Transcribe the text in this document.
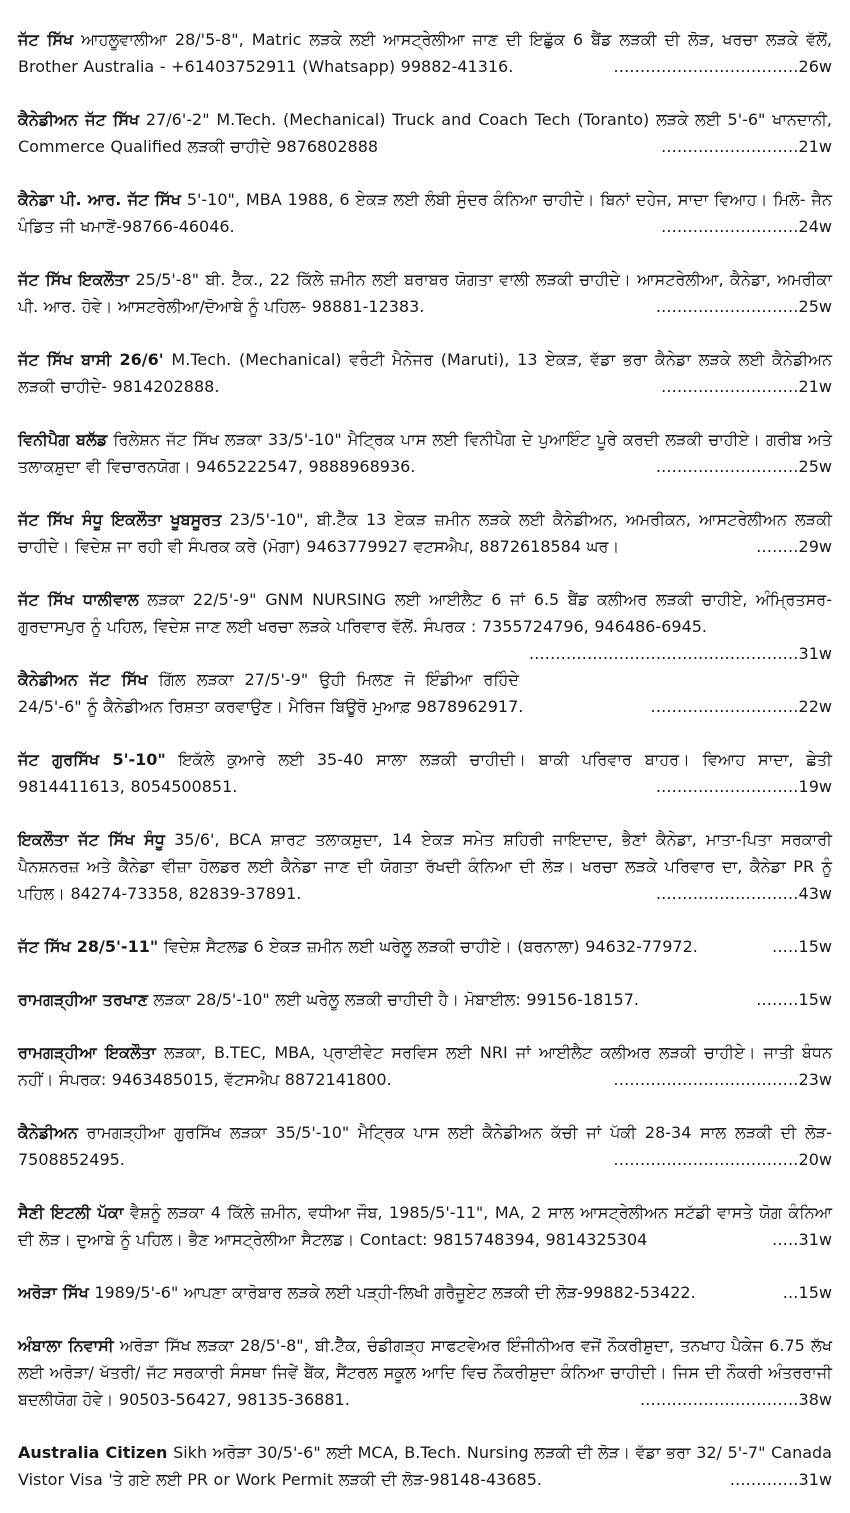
ਜੱਟ ਸਿੱਖ ਆਹਲੂਵਾਲੀਆ 28/'5-8", Matric ਲੜਕੇ ਲਈ ਆਸਟ੍ਰੇਲੀਆ ਜਾਣ ਦੀ ਇਛੁੱਕ 6 ਬੈਂਡ ਲੜਕੀ ਦੀ ਲੋੜ, ਖਰਚਾ ਲੜਕੇ ਵੱਲੋਂ, Brother Australia - +61403752911 (Whatsapp) 99882-41316.	...................................26w

ਕੈਨੇਡੀਅਨ ਜੱਟ ਸਿੱਖ 27/6'-2" M.Tech. (Mechanical) Truck and Coach Tech (Toranto) ਲੜਕੇ ਲਈ 5'-6" ਖਾਨਦਾਨੀ, Commerce Qualified ਲੜਕੀ ਚਾਹੀਦੇ 9876802888	..........................21w

ਕੈਨੇਡਾ ਪੀ. ਆਰ. ਜੱਟ ਸਿੱਖ 5'-10", MBA 1988, 6 ਏਕੜ ਲਈ ਲੰਬੀ ਸੁੰਦਰ ਕੰਨਿਆ ਚਾਹੀਦੇ। ਬਿਨਾਂ ਦਹੇਜ, ਸਾਦਾ ਵਿਆਹ। ਮਿਲੋ- ਜੈਨ ਪੰਡਿਤ ਜੀ ਖਮਾਣੋਂ-98766-46046.	..........................24w

ਜੱਟ ਸਿੱਖ ਇਕਲੌਤਾ 25/5'-8" ਬੀ. ਟੈੱਕ., 22 ਕਿੱਲੇ ਜ਼ਮੀਨ ਲਈ ਬਰਾਬਰ ਯੋਗਤਾ ਵਾਲੀ ਲੜਕੀ ਚਾਹੀਦੇ। ਆਸਟਰੇਲੀਆ, ਕੈਨੇਡਾ, ਅਮਰੀਕਾ ਪੀ. ਆਰ. ਹੋਵੇ। ਆਸਟਰੇਲੀਆ/ਦੋਆਬੇ ਨੂੰ ਪਹਿਲ- 98881-12383.	...........................25w

ਜੱਟ ਸਿੱਖ ਬਾਸੀ 26/6' M.Tech. (Mechanical) ਵਰੰਟੀ ਮੈਨੇਜਰ (Maruti), 13 ਏਕੜ, ਵੱਡਾ ਭਰਾ ਕੈਨੇਡਾ ਲੜਕੇ ਲਈ ਕੈਨੇਡੀਅਨ ਲੜਕੀ ਚਾਹੀਦੇ- 9814202888.	..........................21w

ਵਿਨੀਪੈਗ ਬਲੱਡ ਰਿਲੇਸ਼ਨ ਜੱਟ ਸਿੱਖ ਲੜਕਾ 33/5'-10" ਮੈਟ੍ਰਿਕ ਪਾਸ ਲਈ ਵਿਨੀਪੈਗ ਦੇ ਪੁਆਇੰਟ ਪੂਰੇ ਕਰਦੀ ਲੜਕੀ ਚਾਹੀਏ। ਗਰੀਬ ਅਤੇ ਤਲਾਕਸ਼ੁਦਾ ਵੀ ਵਿਚਾਰਨਯੋਗ। 9465222547, 9888968936.	...........................25w

ਜੱਟ ਸਿੱਖ ਸੰਧੂ ਇਕਲੌਤਾ ਖੂਬਸੂਰਤ 23/5'-10", ਬੀ.ਟੈੱਕ 13 ਏਕੜ ਜ਼ਮੀਨ ਲੜਕੇ ਲਈ ਕੈਨੇਡੀਅਨ, ਅਮਰੀਕਨ, ਆਸਟਰੇਲੀਅਨ ਲੜਕੀ ਚਾਹੀਦੇ। ਵਿਦੇਸ਼ ਜਾ ਰਹੀ ਵੀ ਸੰਪਰਕ ਕਰੇ (ਮੋਗਾ) 9463779927 ਵਟਸਐਪ, 8872618584 ਘਰ।	........29w

ਜੱਟ ਸਿੱਖ ਧਾਲੀਵਾਲ ਲੜਕਾ 22/5'-9" GNM NURSING ਲਈ ਆਈਲੈਟ 6 ਜਾਂ 6.5 ਬੈਂਡ ਕਲੀਅਰ ਲੜਕੀ ਚਾਹੀਏ, ਅੰਮ੍ਰਿਤਸਰ-ਗੁਰਦਾਸਪੁਰ ਨੂੰ ਪਹਿਲ, ਵਿਦੇਸ਼ ਜਾਣ ਲਈ ਖਰਚਾ ਲੜਕੇ ਪਰਿਵਾਰ ਵੱਲੋਂ. ਸੰਪਰਕ : 7355724796, 946486-6945.
...................................................31w

ਕੈਨੇਡੀਅਨ ਜੱਟ ਸਿੱਖ ਗਿੱਲ ਲੜਕਾ 27/5'-9" ਉਹੀ ਮਿਲਣ ਜੋ ਇੰਡੀਆ ਰਹਿੰਦੇ 24/5'-6" ਨੂੰ ਕੈਨੇਡੀਅਨ ਰਿਸ਼ਤਾ ਕਰਵਾਉਣ। ਮੈਰਿਜ ਬਿਊਰੋ ਮੁਆਫ਼ 9878962917.	............................22w

ਜੱਟ ਗੁਰਸਿੱਖ 5'-10" ਇਕੱਲੇ ਕੁਆਰੇ ਲਈ 35-40 ਸਾਲਾ ਲੜਕੀ ਚਾਹੀਦੀ। ਬਾਕੀ ਪਰਿਵਾਰ ਬਾਹਰ। ਵਿਆਹ ਸਾਦਾ, ਛੇਤੀ 9814411613, 8054500851.	...........................19w

ਇਕਲੌਤਾ ਜੱਟ ਸਿੱਖ ਸੰਧੂ 35/6', BCA ਸ਼ਾਰਟ ਤਲਾਕਸ਼ੁਦਾ, 14 ਏਕੜ ਸਮੇਤ ਸ਼ਹਿਰੀ ਜਾਇਦਾਦ, ਭੈਣਾਂ ਕੈਨੇਡਾ, ਮਾਤਾ-ਪਿਤਾ ਸਰਕਾਰੀ ਪੈਨਸ਼ਨਰਜ਼ ਅਤੇ ਕੈਨੇਡਾ ਵੀਜ਼ਾ ਹੋਲਡਰ ਲਈ ਕੈਨੇਡਾ ਜਾਣ ਦੀ ਯੋਗਤਾ ਰੱਖਦੀ ਕੰਨਿਆ ਦੀ ਲੋੜ। ਖਰਚਾ ਲੜਕੇ ਪਰਿਵਾਰ ਦਾ, ਕੈਨੇਡਾ PR ਨੂੰ ਪਹਿਲ। 84274-73358, 82839-37891.	...........................43w

ਜੱਟ ਸਿੱਖ 28/5'-11" ਵਿਦੇਸ਼ ਸੈਟਲਡ 6 ਏਕੜ ਜ਼ਮੀਨ ਲਈ ਘਰੇਲੂ ਲੜਕੀ ਚਾਹੀਏ। (ਬਰਨਾਲਾ) 94632-77972.	.....15w

ਰਾਮਗੜ੍ਹੀਆ ਤਰਖਾਣ ਲੜਕਾ 28/5'-10" ਲਈ ਘਰੇਲੂ ਲੜਕੀ ਚਾਹੀਦੀ ਹੈ। ਮੋਬਾਈਲ: 99156-18157.	........15w

ਰਾਮਗੜ੍ਹੀਆ ਇਕਲੌਤਾ ਲੜਕਾ, B.TEC, MBA, ਪ੍ਰਾਈਵੇਟ ਸਰਵਿਸ ਲਈ NRI ਜਾਂ ਆਈਲੈਟ ਕਲੀਅਰ ਲੜਕੀ ਚਾਹੀਏ। ਜਾਤੀ ਬੰਧਨ ਨਹੀਂ। ਸੰਪਰਕ: 9463485015, ਵੱਟਸਐਪ 8872141800.	...................................23w

ਕੈਨੇਡੀਅਨ ਰਾਮਗੜ੍ਹੀਆ ਗੁਰਸਿੱਖ ਲੜਕਾ 35/5'-10" ਮੈਟ੍ਰਿਕ ਪਾਸ ਲਈ ਕੈਨੇਡੀਅਨ ਕੱਚੀ ਜਾਂ ਪੱਕੀ 28-34 ਸਾਲ ਲੜਕੀ ਦੀ ਲੋੜ- 7508852495.	...................................20w

ਸੈਣੀ ਇਟਲੀ ਪੱਕਾ ਵੈਸ਼ਨੂੰ ਲੜਕਾ 4 ਕਿੱਲੇ ਜ਼ਮੀਨ, ਵਧੀਆ ਜੌਬ, 1985/5'-11", MA, 2 ਸਾਲ ਆਸਟ੍ਰੇਲੀਅਨ ਸਟੱਡੀ ਵਾਸਤੇ ਯੋਗ ਕੰਨਿਆ ਦੀ ਲੋੜ। ਦੁਆਬੇ ਨੂੰ ਪਹਿਲ। ਭੈਣ ਆਸਟ੍ਰੇਲੀਆ ਸੈਟਲਡ। Contact: 9815748394, 9814325304	.....31w

ਅਰੋੜਾ ਸਿੱਖ 1989/5'-6" ਆਪਣਾ ਕਾਰੋਬਾਰ ਲੜਕੇ ਲਈ ਪੜ੍ਹੀ-ਲਿਖੀ ਗਰੈਜੂਏਟ ਲੜਕੀ ਦੀ ਲੋੜ-99882-53422.	...15w

ਅੰਬਾਲਾ ਨਿਵਾਸੀ ਅਰੋੜਾ ਸਿੱਖ ਲੜਕਾ 28/5'-8", ਬੀ.ਟੈੱਕ, ਚੰਡੀਗੜ੍ਹ ਸਾਫਟਵੇਅਰ ਇੰਜੀਨੀਅਰ ਵਜੋਂ ਨੌਕਰੀਸ਼ੁਦਾ, ਤਨਖਾਹ ਪੈਕੇਜ 6.75 ਲੱਖ ਲਈ ਅਰੋੜਾ/ ਖੱਤਰੀ/ ਜੱਟ ਸਰਕਾਰੀ ਸੰਸਥਾ ਜਿਵੇਂ ਬੈਂਕ, ਸੈਂਟਰਲ ਸਕੂਲ ਆਦਿ ਵਿਚ ਨੌਕਰੀਸ਼ੁਦਾ ਕੰਨਿਆ ਚਾਹੀਦੀ। ਜਿਸ ਦੀ ਨੌਕਰੀ ਅੰਤਰਰਾਜੀ ਬਦਲੀਯੋਗ ਹੋਵੇ। 90503-56427, 98135-36881.	..............................38w

Australia Citizen Sikh ਅਰੋੜਾ 30/5'-6" ਲਈ MCA, B.Tech. Nursing ਲੜਕੀ ਦੀ ਲੋੜ। ਵੱਡਾ ਭਰਾ 32/ 5'-7" Canada Vistor Visa 'ਤੇ ਗਏ ਲਈ PR or Work Permit ਲੜਕੀ ਦੀ ਲੋੜ-98148-43685.	.............31w
